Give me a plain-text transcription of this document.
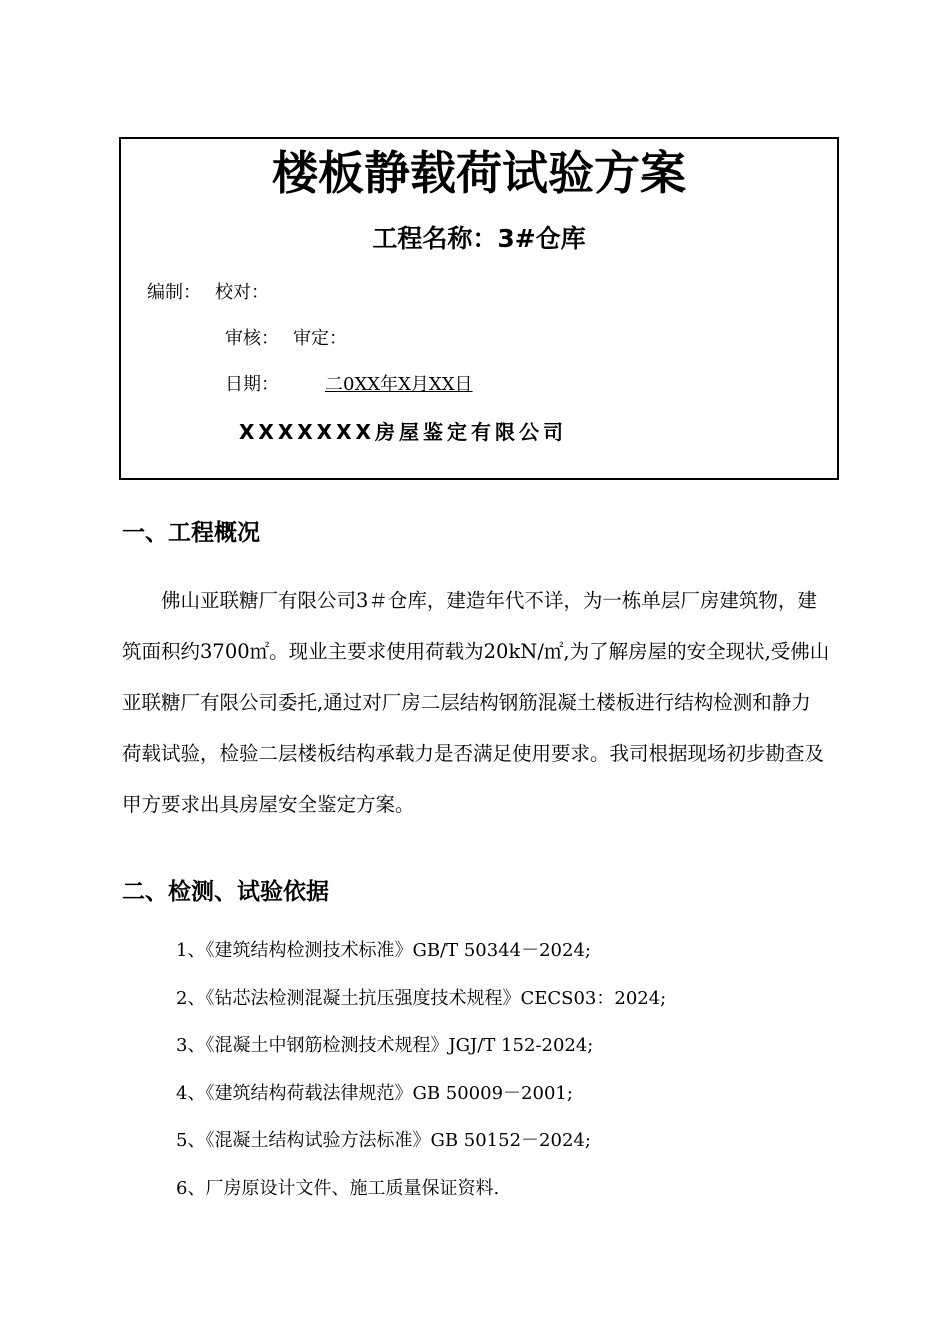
楼板静载荷试验方案
工程名称：3#仓库
编制： 校对：
审核： 审定：
日期：	二0XX年X月XX日
XXXXXXX房屋鉴定有限公司
一、工程概况

佛山亚联糖厂有限公司3＃仓库，建造年代不详，为一栋单层厂房建筑物，建筑面积约3700㎡。现业主要求使用荷载为20kN/㎡,为了解房屋的安全现状,受佛山亚联糖厂有限公司委托,通过对厂房二层结构钢筋混凝土楼板进行结构检测和静力荷载试验，检验二层楼板结构承载力是否满足使用要求。我司根据现场初步勘查及甲方要求出具房屋安全鉴定方案。

二、检测、试验依据
1、《建筑结构检测技术标准》GB/T 50344－2024;
2、《钻芯法检测混凝土抗压强度技术规程》CECS03：2024;
3、《混凝土中钢筋检测技术规程》JGJ/T 152-2024;
4、《建筑结构荷载法律规范》GB 50009－2001;
5、《混凝土结构试验方法标准》GB 50152－2024;
6、厂房原设计文件、施工质量保证资料.
